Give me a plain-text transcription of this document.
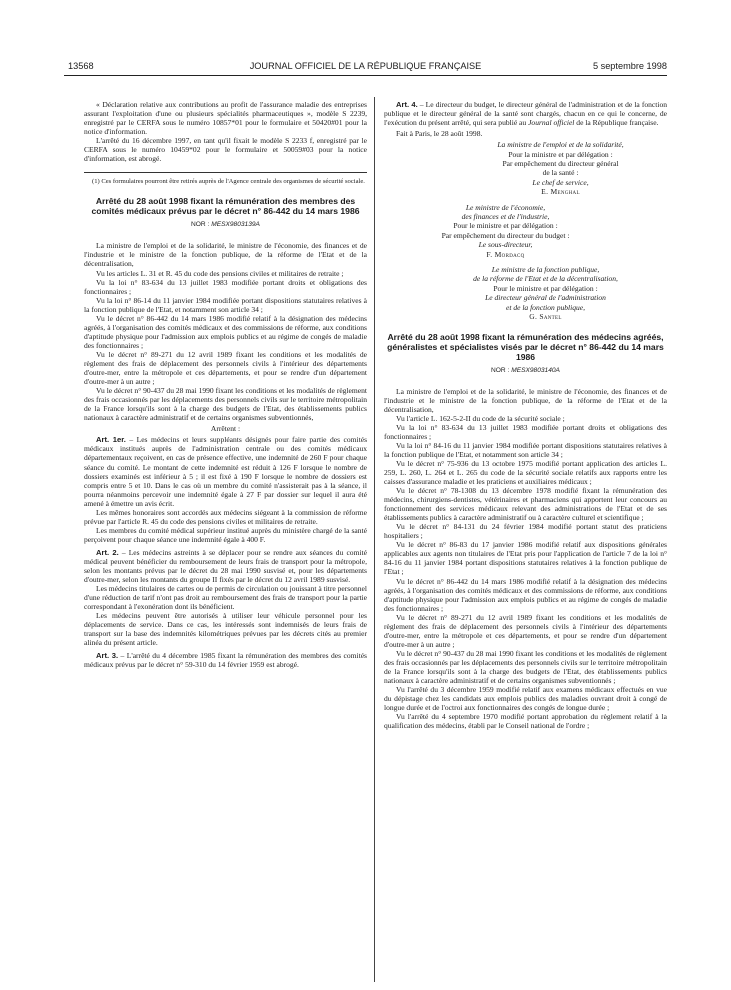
13568	JOURNAL OFFICIEL DE LA RÉPUBLIQUE FRANÇAISE	5 septembre 1998

« Déclaration relative aux contributions au profit de l'assurance maladie des entreprises assurant l'exploitation d'une ou plusieurs spécialités pharmaceutiques », modèle S 2239, enregistré par le CERFA sous le numéro 10857*01 pour le formulaire et 50420#01 pour la notice d'information.

L'arrêté du 16 décembre 1997, en tant qu'il fixait le modèle S 2233 f, enregistré par le CERFA sous le numéro 10459*02 pour le formulaire et 50059#03 pour la notice d'information, est abrogé.

(1) Ces formulaires pourront être retirés auprès de l'Agence centrale des organismes de sécurité sociale.

Arrêté du 28 août 1998 fixant la rémunération des membres des comités médicaux prévus par le décret n° 86-442 du 14 mars 1986
NOR : MESX9803139A

La ministre de l'emploi et de la solidarité, le ministre de l'économie, des finances et de l'industrie et le ministre de la fonction publique, de la réforme de l'Etat et de la décentralisation,

Vu les articles L. 31 et R. 45 du code des pensions civiles et militaires de retraite ;

Vu la loi n° 83-634 du 13 juillet 1983 modifiée portant droits et obligations des fonctionnaires ;

Vu la loi n° 86-14 du 11 janvier 1984 modifiée portant dispositions statutaires relatives à la fonction publique de l'Etat, et notamment son article 34 ;

Vu le décret n° 86-442 du 14 mars 1986 modifié relatif à la désignation des médecins agréés, à l'organisation des comités médicaux et des commissions de réforme, aux conditions d'aptitude physique pour l'admission aux emplois publics et au régime de congés de maladie des fonctionnaires ;

Vu le décret n° 89-271 du 12 avril 1989 fixant les conditions et les modalités de règlement des frais de déplacement des personnels civils à l'intérieur des départements d'outre-mer, entre la métropole et ces départements, et pour se rendre d'un département d'outre-mer à un autre ;

Vu le décret n° 90-437 du 28 mai 1990 fixant les conditions et les modalités de règlement des frais occasionnés par les déplacements des personnels civils sur le territoire métropolitain de la France lorsqu'ils sont à la charge des budgets de l'Etat, des établissements publics nationaux à caractère administratif et de certains organismes subventionnés,

Arrêtent :

Art. 1er. – Les médecins et leurs suppléants désignés pour faire partie des comités médicaux institués auprès de l'administration centrale ou des comités médicaux départementaux reçoivent, en cas de présence effective, une indemnité de 260 F pour chaque séance du comité. Le montant de cette indemnité est réduit à 126 F lorsque le nombre de dossiers examinés est inférieur à 5 ; il est fixé à 190 F lorsque le nombre de dossiers est compris entre 5 et 10. Dans le cas où un membre du comité n'assisterait pas à la séance, il pourra néanmoins percevoir une indemnité égale à 27 F par dossier sur lequel il aura été amené à émettre un avis écrit.

Les mêmes honoraires sont accordés aux médecins siégeant à la commission de réforme prévue par l'article R. 45 du code des pensions civiles et militaires de retraite.

Les membres du comité médical supérieur institué auprès du ministère chargé de la santé perçoivent pour chaque séance une indemnité égale à 400 F.

Art. 2. – Les médecins astreints à se déplacer pour se rendre aux séances du comité médical peuvent bénéficier du remboursement de leurs frais de transport pour la métropole, selon les montants prévus par le décret du 28 mai 1990 susvisé et, pour les départements d'outre-mer, selon les montants du groupe II fixés par le décret du 12 avril 1989 susvisé.

Les médecins titulaires de cartes ou de permis de circulation ou jouissant à titre personnel d'une réduction de tarif n'ont pas droit au remboursement des frais de transport pour la partie correspondant à l'exonération dont ils bénéficient.

Les médecins peuvent être autorisés à utiliser leur véhicule personnel pour les déplacements de service. Dans ce cas, les intéressés sont indemnisés de leurs frais de transport sur la base des indemnités kilométriques prévues par les décrets cités au premier alinéa du présent article.

Art. 3. – L'arrêté du 4 décembre 1985 fixant la rémunération des membres des comités médicaux prévus par le décret n° 59-310 du 14 février 1959 est abrogé.

Art. 4. – Le directeur du budget, le directeur général de l'administration et de la fonction publique et le directeur général de la santé sont chargés, chacun en ce qui le concerne, de l'exécution du présent arrêté, qui sera publié au Journal officiel de la République française.

Fait à Paris, le 28 août 1998.

La ministre de l'emploi et de la solidarité,

Pour la ministre et par délégation :

Par empêchement du directeur général

de la santé :

Le chef de service,

E. Menghal

Le ministre de l'économie,

des finances et de l'industrie,

Pour le ministre et par délégation :

Par empêchement du directeur du budget :

Le sous-directeur,

F. Mordacq

Le ministre de la fonction publique,

de la réforme de l'Etat et de la décentralisation,

Pour le ministre et par délégation :

Le directeur général de l'administration

et de la fonction publique,

G. Santel

Arrêté du 28 août 1998 fixant la rémunération des médecins agréés, généralistes et spécialistes visés par le décret n° 86-442 du 14 mars 1986
NOR : MESX9803140A

La ministre de l'emploi et de la solidarité, le ministre de l'économie, des finances et de l'industrie et le ministre de la fonction publique, de la réforme de l'Etat et de la décentralisation,

Vu l'article L. 162-5-2-II du code de la sécurité sociale ;

Vu la loi n° 83-634 du 13 juillet 1983 modifiée portant droits et obligations des fonctionnaires ;

Vu la loi n° 84-16 du 11 janvier 1984 modifiée portant dispositions statutaires relatives à la fonction publique de l'Etat, et notamment son article 34 ;

Vu le décret n° 75-936 du 13 octobre 1975 modifié portant application des articles L. 259, L. 260, L. 264 et L. 265 du code de la sécurité sociale relatifs aux rapports entre les caisses d'assurance maladie et les praticiens et auxiliaires médicaux ;

Vu le décret n° 78-1308 du 13 décembre 1978 modifié fixant la rémunération des médecins, chirurgiens-dentistes, vétérinaires et pharmaciens qui apportent leur concours au fonctionnement des services médicaux relevant des administrations de l'Etat et de ses établissements publics à caractère administratif ou à caractère culturel et scientifique ;

Vu le décret n° 84-131 du 24 février 1984 modifié portant statut des praticiens hospitaliers ;

Vu le décret n° 86-83 du 17 janvier 1986 modifié relatif aux dispositions générales applicables aux agents non titulaires de l'Etat pris pour l'application de l'article 7 de la loi n° 84-16 du 11 janvier 1984 portant dispositions statutaires relatives à la fonction publique de l'Etat ;

Vu le décret n° 86-442 du 14 mars 1986 modifié relatif à la désignation des médecins agréés, à l'organisation des comités médicaux et des commissions de réforme, aux conditions d'aptitude physique pour l'admission aux emplois publics et au régime de congés de maladie des fonctionnaires ;

Vu le décret n° 89-271 du 12 avril 1989 fixant les conditions et les modalités de règlement des frais de déplacement des personnels civils à l'intérieur des départements d'outre-mer, entre la métropole et ces départements, et pour se rendre d'un département d'outre-mer à un autre ;

Vu le décret n° 90-437 du 28 mai 1990 fixant les conditions et les modalités de règlement des frais occasionnés par les déplacements des personnels civils sur le territoire métropolitain de la France lorsqu'ils sont à la charge des budgets de l'Etat, des établissements publics nationaux à caractère administratif et de certains organismes subventionnés ;

Vu l'arrêté du 3 décembre 1959 modifié relatif aux examens médicaux effectués en vue du dépistage chez les candidats aux emplois publics des maladies ouvrant droit à congé de longue durée et de l'octroi aux fonctionnaires des congés de longue durée ;

Vu l'arrêté du 4 septembre 1970 modifié portant approbation du règlement relatif à la qualification des médecins, établi par le Conseil national de l'ordre ;
